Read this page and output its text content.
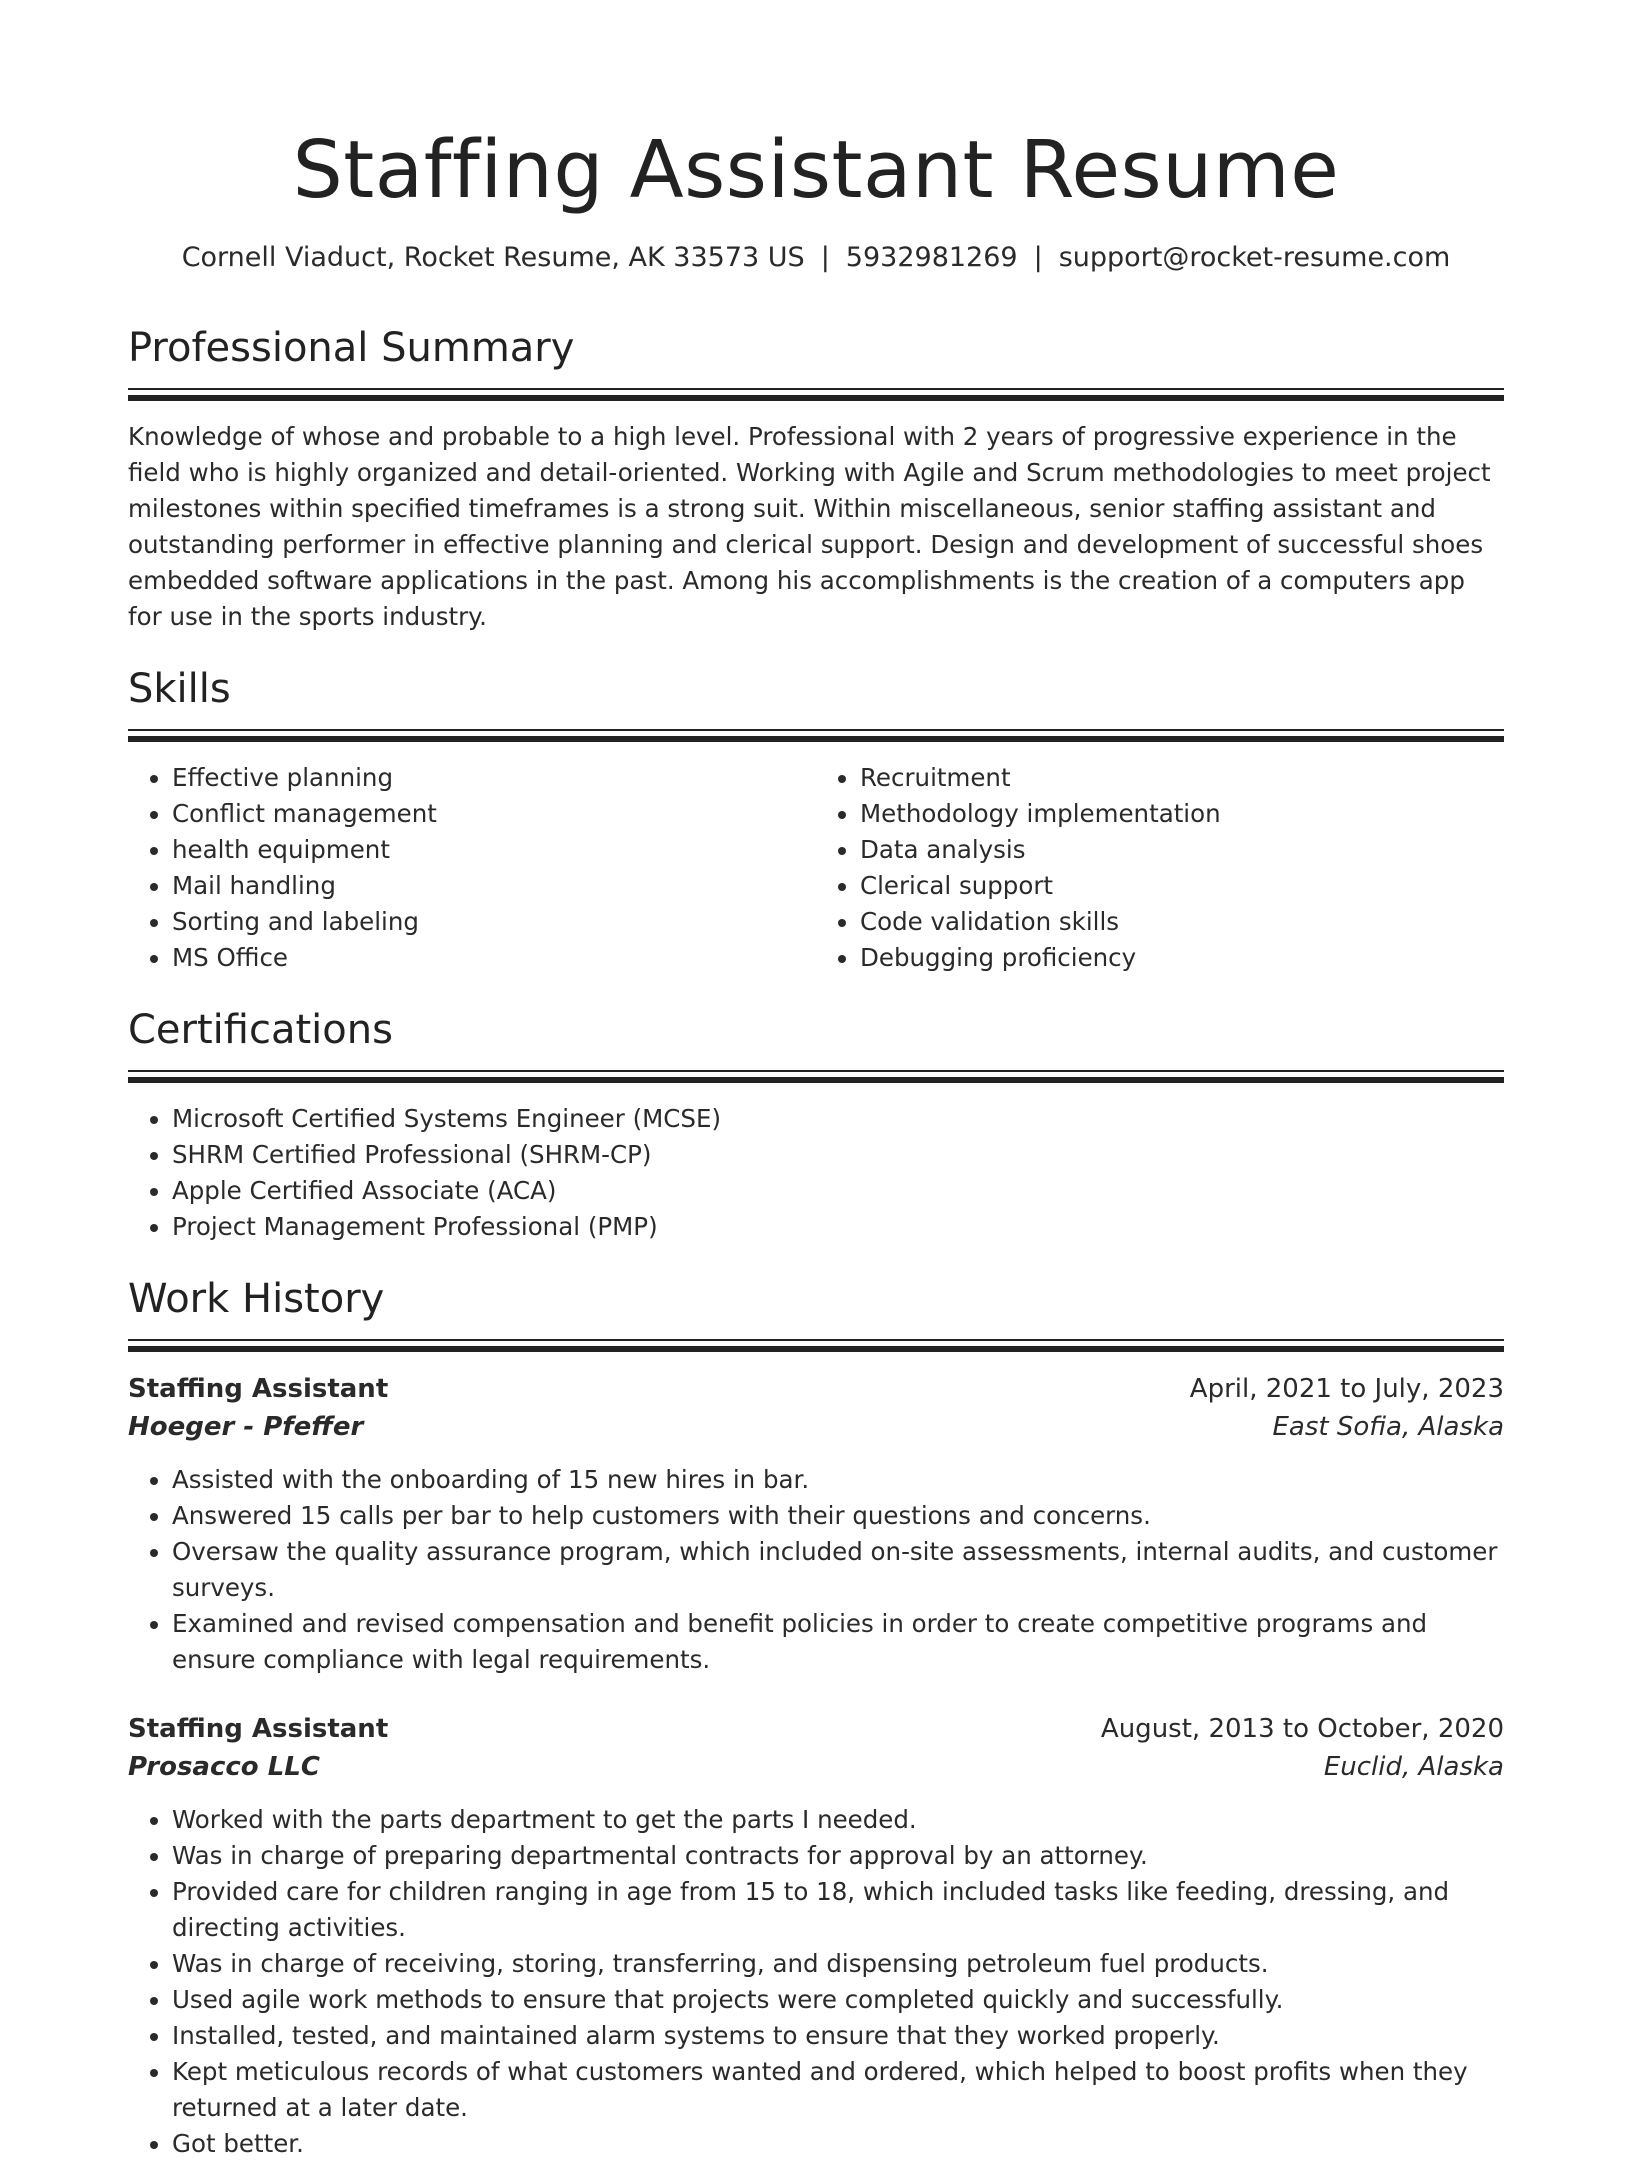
Staffing Assistant Resume
Cornell Viaduct, Rocket Resume, AK 33573 US | 5932981269 | support@rocket-resume.com
Professional Summary

Knowledge of whose and probable to a high level. Professional with 2 years of progressive experience in the field who is highly organized and detail-oriented. Working with Agile and Scrum methodologies to meet project milestones within specified timeframes is a strong suit. Within miscellaneous, senior staffing assistant and outstanding performer in effective planning and clerical support. Design and development of successful shoes embedded software applications in the past. Among his accomplishments is the creation of a computers app for use in the sports industry.

Skills
• Effective planning
• Conflict management
• health equipment
• Mail handling
• Sorting and labeling
• MS Office
• Recruitment
• Methodology implementation
• Data analysis
• Clerical support
• Code validation skills
• Debugging proficiency
Certifications
• Microsoft Certified Systems Engineer (MCSE)
• SHRM Certified Professional (SHRM-CP)
• Apple Certified Associate (ACA)
• Project Management Professional (PMP)
Work History
Staffing Assistant	April, 2021 to July, 2023
Hoeger - Pfeffer	East Sofia, Alaska
• Assisted with the onboarding of 15 new hires in bar.
• Answered 15 calls per bar to help customers with their questions and concerns.
• Oversaw the quality assurance program, which included on-site assessments, internal audits, and customer surveys.
• Examined and revised compensation and benefit policies in order to create competitive programs and ensure compliance with legal requirements.
Staffing Assistant	August, 2013 to October, 2020
Prosacco LLC	Euclid, Alaska
• Worked with the parts department to get the parts I needed.
• Was in charge of preparing departmental contracts for approval by an attorney.
• Provided care for children ranging in age from 15 to 18, which included tasks like feeding, dressing, and directing activities.
• Was in charge of receiving, storing, transferring, and dispensing petroleum fuel products.
• Used agile work methods to ensure that projects were completed quickly and successfully.
• Installed, tested, and maintained alarm systems to ensure that they worked properly.
• Kept meticulous records of what customers wanted and ordered, which helped to boost profits when they returned at a later date.
• Got better.
